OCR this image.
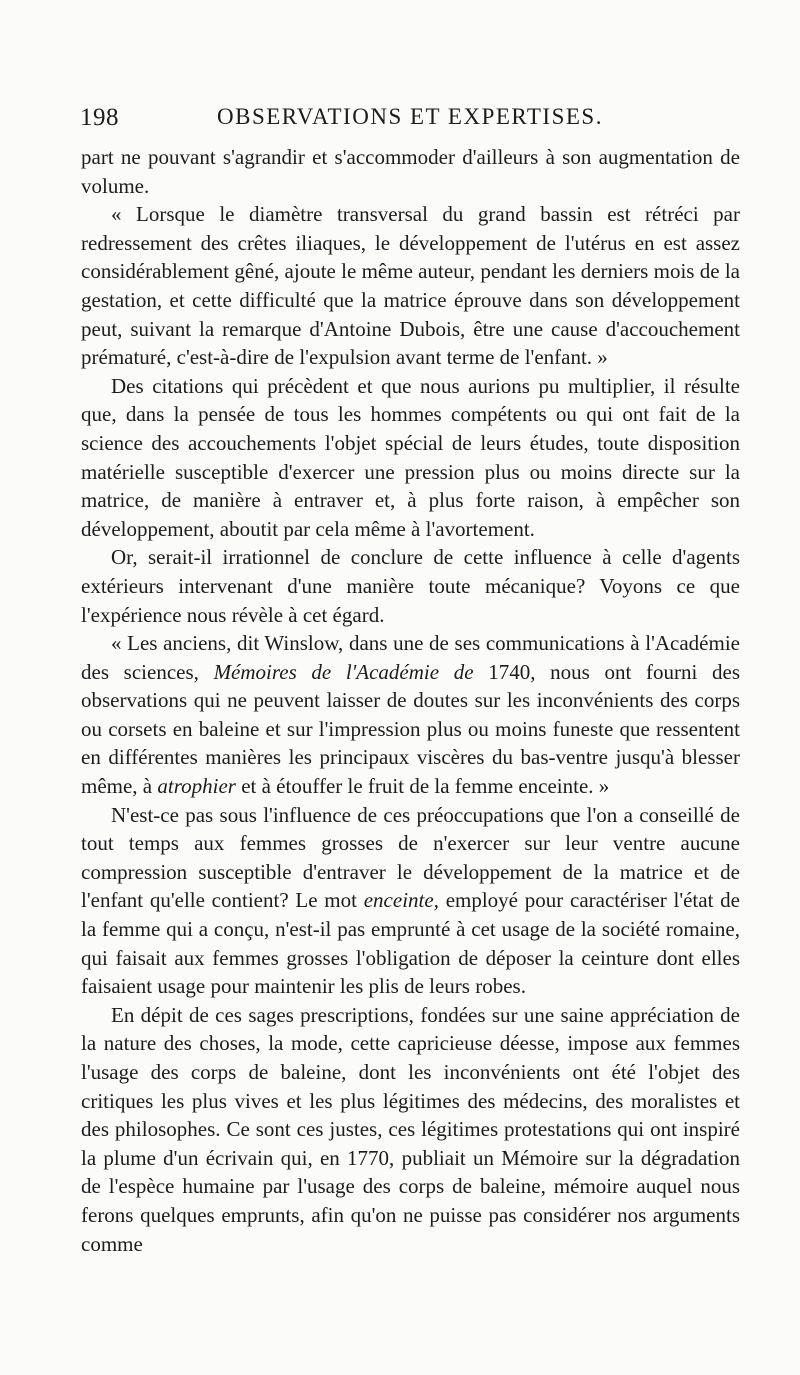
198	OBSERVATIONS ET EXPERTISES.

part ne pouvant s'agrandir et s'accommoder d'ailleurs à son augmentation de volume.

« Lorsque le diamètre transversal du grand bassin est rétréci par redressement des crêtes iliaques, le développement de l'utérus en est assez considérablement gêné, ajoute le même auteur, pendant les derniers mois de la gestation, et cette difficulté que la matrice éprouve dans son développement peut, suivant la remarque d'Antoine Dubois, être une cause d'accouchement prématuré, c'est-à-dire de l'expulsion avant terme de l'enfant. »

Des citations qui précèdent et que nous aurions pu multiplier, il résulte que, dans la pensée de tous les hommes compétents ou qui ont fait de la science des accouchements l'objet spécial de leurs études, toute disposition matérielle susceptible d'exercer une pression plus ou moins directe sur la matrice, de manière à entraver et, à plus forte raison, à empêcher son développement, aboutit par cela même à l'avortement.

Or, serait-il irrationnel de conclure de cette influence à celle d'agents extérieurs intervenant d'une manière toute mécanique? Voyons ce que l'expérience nous révèle à cet égard.

« Les anciens, dit Winslow, dans une de ses communications à l'Académie des sciences, Mémoires de l'Académie de 1740, nous ont fourni des observations qui ne peuvent laisser de doutes sur les inconvénients des corps ou corsets en baleine et sur l'impression plus ou moins funeste que ressentent en différentes manières les principaux viscères du bas-ventre jusqu'à blesser même, à atrophier et à étouffer le fruit de la femme enceinte. »

N'est-ce pas sous l'influence de ces préoccupations que l'on a conseillé de tout temps aux femmes grosses de n'exercer sur leur ventre aucune compression susceptible d'entraver le développement de la matrice et de l'enfant qu'elle contient? Le mot enceinte, employé pour caractériser l'état de la femme qui a conçu, n'est-il pas emprunté à cet usage de la société romaine, qui faisait aux femmes grosses l'obligation de déposer la ceinture dont elles faisaient usage pour maintenir les plis de leurs robes.

En dépit de ces sages prescriptions, fondées sur une saine appréciation de la nature des choses, la mode, cette capricieuse déesse, impose aux femmes l'usage des corps de baleine, dont les inconvénients ont été l'objet des critiques les plus vives et les plus légitimes des médecins, des moralistes et des philosophes. Ce sont ces justes, ces légitimes protestations qui ont inspiré la plume d'un écrivain qui, en 1770, publiait un Mémoire sur la dégradation de l'espèce humaine par l'usage des corps de baleine, mémoire auquel nous ferons quelques emprunts, afin qu'on ne puisse pas considérer nos arguments comme
